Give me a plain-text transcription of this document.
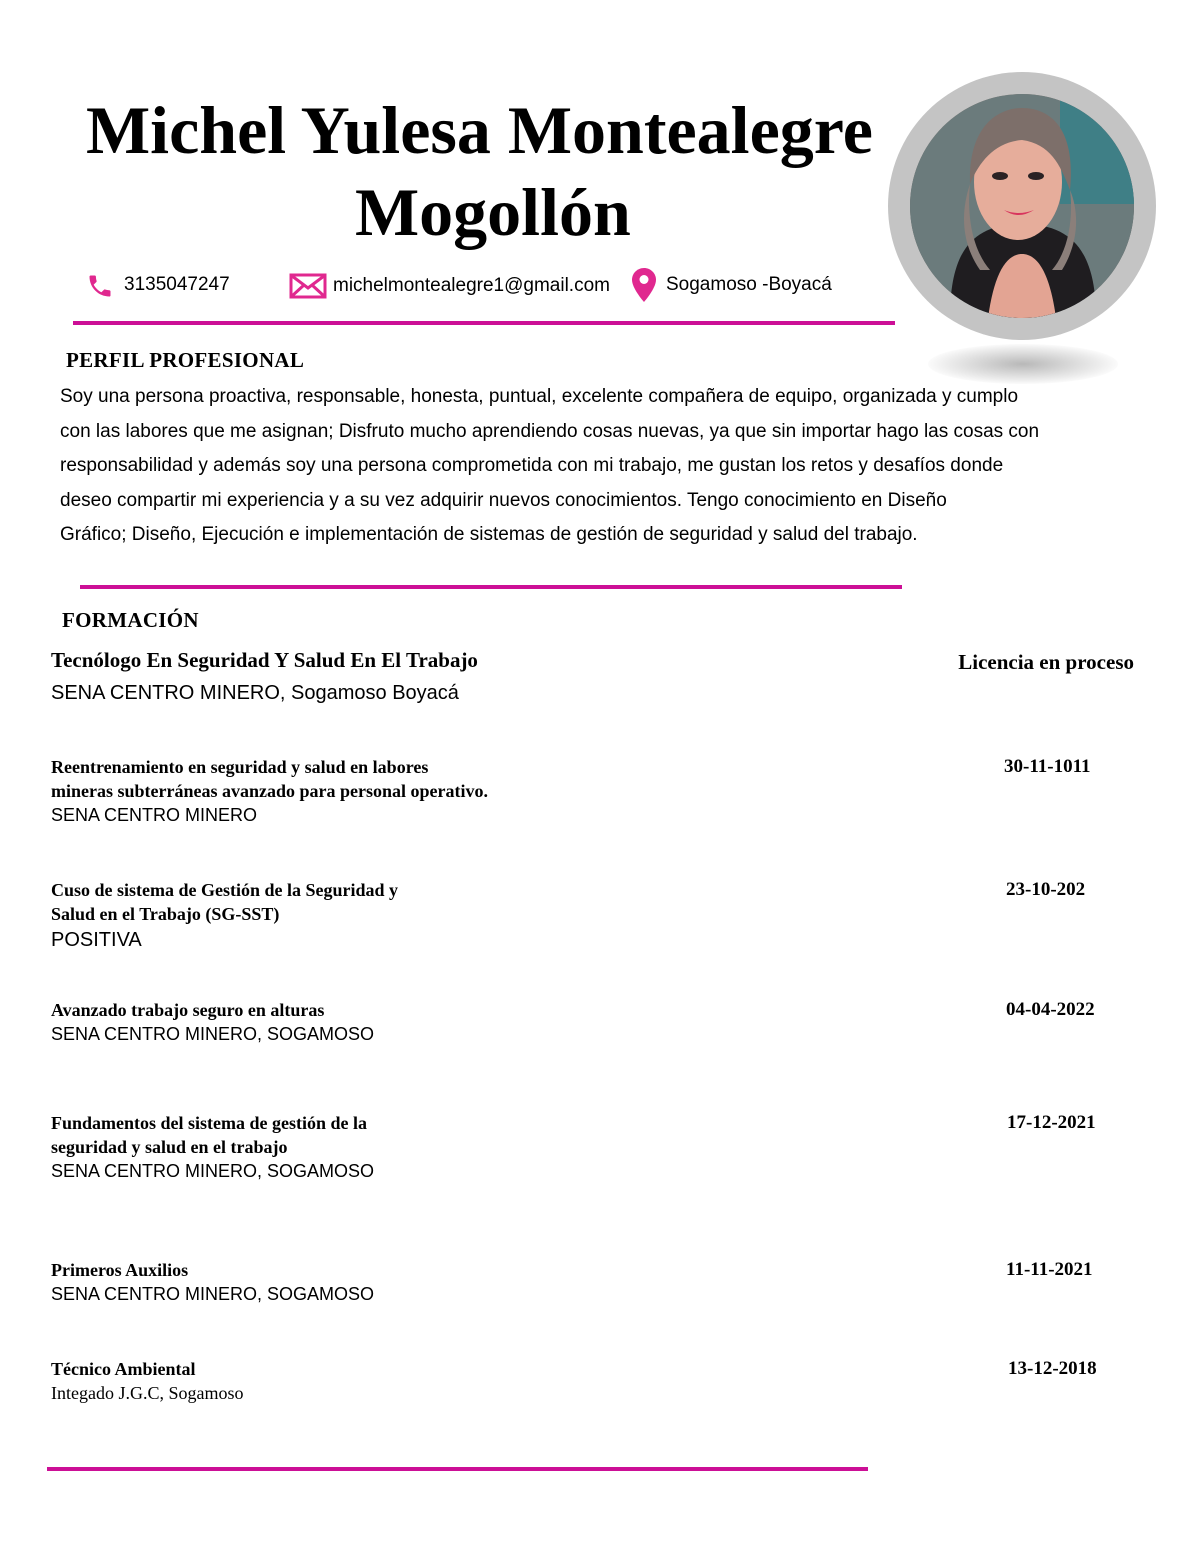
Michel Yulesa Montealegre
Mogollón
3135047247	michelmontealegre1@gmail.com	Sogamoso -Boyacá
PERFIL PROFESIONAL
Soy una persona proactiva, responsable, honesta, puntual, excelente compañera de equipo, organizada y cumplo
con las labores que me asignan; Disfruto mucho aprendiendo cosas nuevas, ya que sin importar hago las cosas con
responsabilidad y además soy una persona comprometida con mi trabajo, me gustan los retos y desafíos donde
deseo compartir mi experiencia y a su vez adquirir nuevos conocimientos. Tengo conocimiento en Diseño
Gráfico; Diseño, Ejecución e implementación de sistemas de gestión de seguridad y salud del trabajo.
FORMACIÓN
Tecnólogo En Seguridad Y Salud En El Trabajo
SENA CENTRO MINERO, Sogamoso Boyacá
Licencia en proceso
Reentrenamiento en seguridad y salud en labores
mineras subterráneas avanzado para personal operativo.
SENA CENTRO MINERO
30-11-1011
Cuso de sistema de Gestión de la Seguridad y
Salud en el Trabajo (SG-SST)
POSITIVA
23-10-202
Avanzado trabajo seguro en alturas
SENA CENTRO MINERO, SOGAMOSO
04-04-2022
Fundamentos del sistema de gestión de la
seguridad y salud en el trabajo
SENA CENTRO MINERO, SOGAMOSO
17-12-2021
Primeros Auxilios
SENA CENTRO MINERO, SOGAMOSO
11-11-2021
Técnico Ambiental
Integado J.G.C, Sogamoso
13-12-2018
